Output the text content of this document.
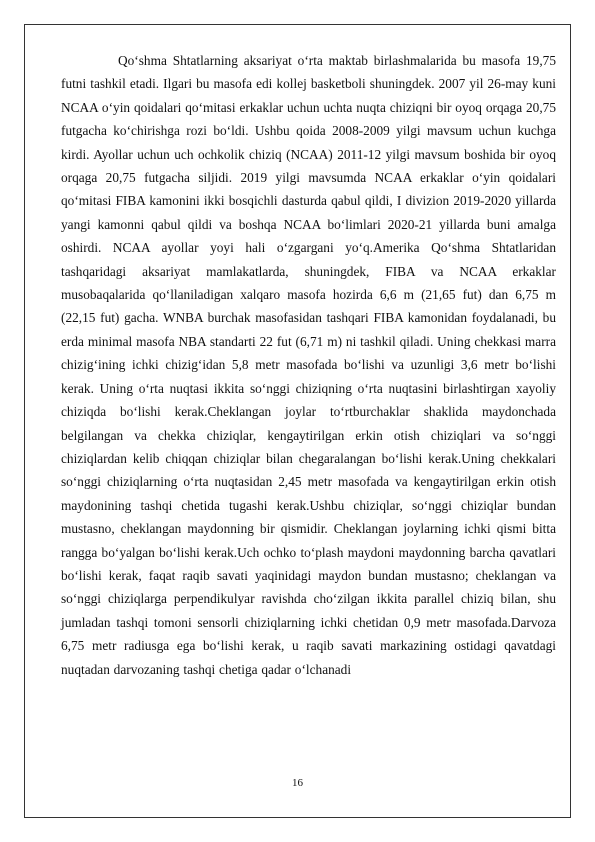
Qo‘shma Shtatlarning aksariyat o‘rta maktab birlashmalarida bu masofa 19,75 futni tashkil etadi. Ilgari bu masofa edi kollej basketboli shuningdek. 2007 yil 26-may kuni NCAA o‘yin qoidalari qo‘mitasi erkaklar uchun uchta nuqta chiziqni bir oyoq orqaga 20,75 futgacha ko‘chirishga rozi bo‘ldi. Ushbu qoida 2008-2009 yilgi mavsum uchun kuchga kirdi. Ayollar uchun uch ochkolik chiziq (NCAA) 2011-12 yilgi mavsum boshida bir oyoq orqaga 20,75 futgacha siljidi. 2019 yilgi mavsumda NCAA erkaklar o‘yin qoidalari qo‘mitasi FIBA kamonini ikki bosqichli dasturda qabul qildi, I divizion 2019-2020 yillarda yangi kamonni qabul qildi va boshqa NCAA bo‘limlari 2020-21 yillarda buni amalga oshirdi. NCAA ayollar yoyi hali o‘zgargani yo‘q.Amerika Qo‘shma Shtatlaridan tashqaridagi aksariyat mamlakatlarda, shuningdek, FIBA va NCAA erkaklar musobaqalarida qo‘llaniladigan xalqaro masofa hozirda 6,6 m (21,65 fut) dan 6,75 m (22,15 fut) gacha. WNBA burchak masofasidan tashqari FIBA kamonidan foydalanadi, bu erda minimal masofa NBA standarti 22 fut (6,71 m) ni tashkil qiladi. Uning chekkasi marra chizig‘ining ichki chizig‘idan 5,8 metr masofada bo‘lishi va uzunligi 3,6 metr bo‘lishi kerak. Uning o‘rta nuqtasi ikkita so‘nggi chiziqning o‘rta nuqtasini birlashtirgan xayoliy chiziqda bo‘lishi kerak.Cheklangan joylar to‘rtburchaklar shaklida maydonchada belgilangan va chekka chiziqlar, kengaytirilgan erkin otish chiziqlari va so‘nggi chiziqlardan kelib chiqqan chiziqlar bilan chegaralangan bo‘lishi kerak.Uning chekkalari so‘nggi chiziqlarning o‘rta nuqtasidan 2,45 metr masofada va kengaytirilgan erkin otish maydonining tashqi chetida tugashi kerak.Ushbu chiziqlar, so‘nggi chiziqlar bundan mustasno, cheklangan maydonning bir qismidir. Cheklangan joylarning ichki qismi bitta rangga bo‘yalgan bo‘lishi kerak.Uch ochko to‘plash maydoni maydonning barcha qavatlari bo‘lishi kerak, faqat raqib savati yaqinidagi maydon bundan mustasno; cheklangan va so‘nggi chiziqlarga perpendikulyar ravishda cho‘zilgan ikkita parallel chiziq bilan, shu jumladan tashqi tomoni sensorli chiziqlarning ichki chetidan 0,9 metr masofada.Darvoza 6,75 metr radiusga ega bo‘lishi kerak, u raqib savati markazining ostidagi qavatdagi nuqtadan darvozaning tashqi chetiga qadar o‘lchanadi

16
